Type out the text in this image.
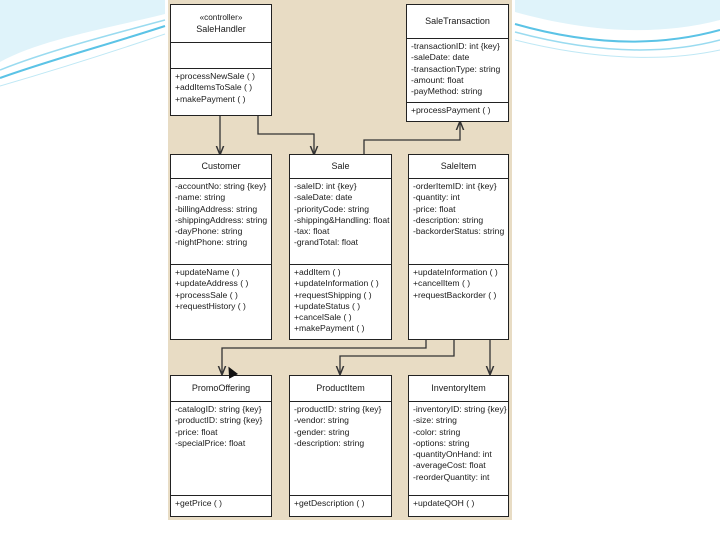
«controller»
SaleHandler
+processNewSale ( )
+addItemsToSale ( )
+makePayment ( )
SaleTransaction
-transactionID: int {key}
-saleDate: date
-transactionType: string
-amount: float
-payMethod: string
+processPayment ( )
Customer
-accountNo: string {key}
-name: string
-billingAddress: string
-shippingAddress: string
-dayPhone: string
-nightPhone: string
+updateName ( )
+updateAddress ( )
+processSale ( )
+requestHistory ( )
Sale
-saleID: int {key}
-saleDate: date
-priorityCode: string
-shipping&Handling: float
-tax: float
-grandTotal: float
+addItem ( )
+updateInformation ( )
+requestShipping ( )
+updateStatus ( )
+cancelSale ( )
+makePayment ( )
SaleItem
-orderItemID: int {key}
-quantity: int
-price: float
-description: string
-backorderStatus: string
+updateInformation ( )
+cancelItem ( )
+requestBackorder ( )
PromoOffering
-catalogID: string {key}
-productID: string {key}
-price: float
-specialPrice: float
+getPrice ( )
ProductItem
-productID: string {key}
-vendor: string
-gender: string
-description: string
+getDescription ( )
InventoryItem
-inventoryID: string {key}
-size: string
-color: string
-options: string
-quantityOnHand: int
-averageCost: float
-reorderQuantity: int
+updateQOH ( )
